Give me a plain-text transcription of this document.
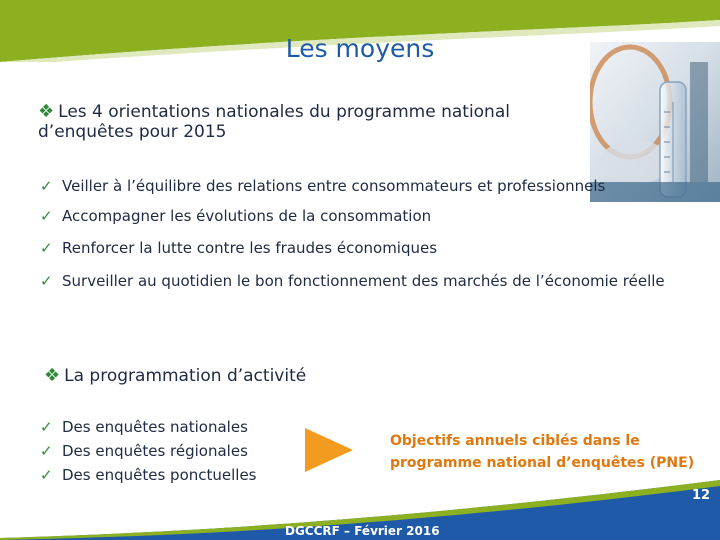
Les moyens
❖ Les 4 orientations nationales du programme national
d’enquêtes pour 2015
✓ Veiller à l’équilibre des relations entre consommateurs et professionnels
✓ Accompagner les évolutions de la consommation
✓ Renforcer la lutte contre les fraudes économiques
✓ Surveiller au quotidien le bon fonctionnement des marchés de l’économie réelle
❖ La programmation d’activité
✓ Des enquêtes nationales
✓ Des enquêtes régionales
✓ Des enquêtes ponctuelles
Objectifs annuels ciblés dans le
programme national d’enquêtes (PNE)
DGCCRF – Février 2016
12
